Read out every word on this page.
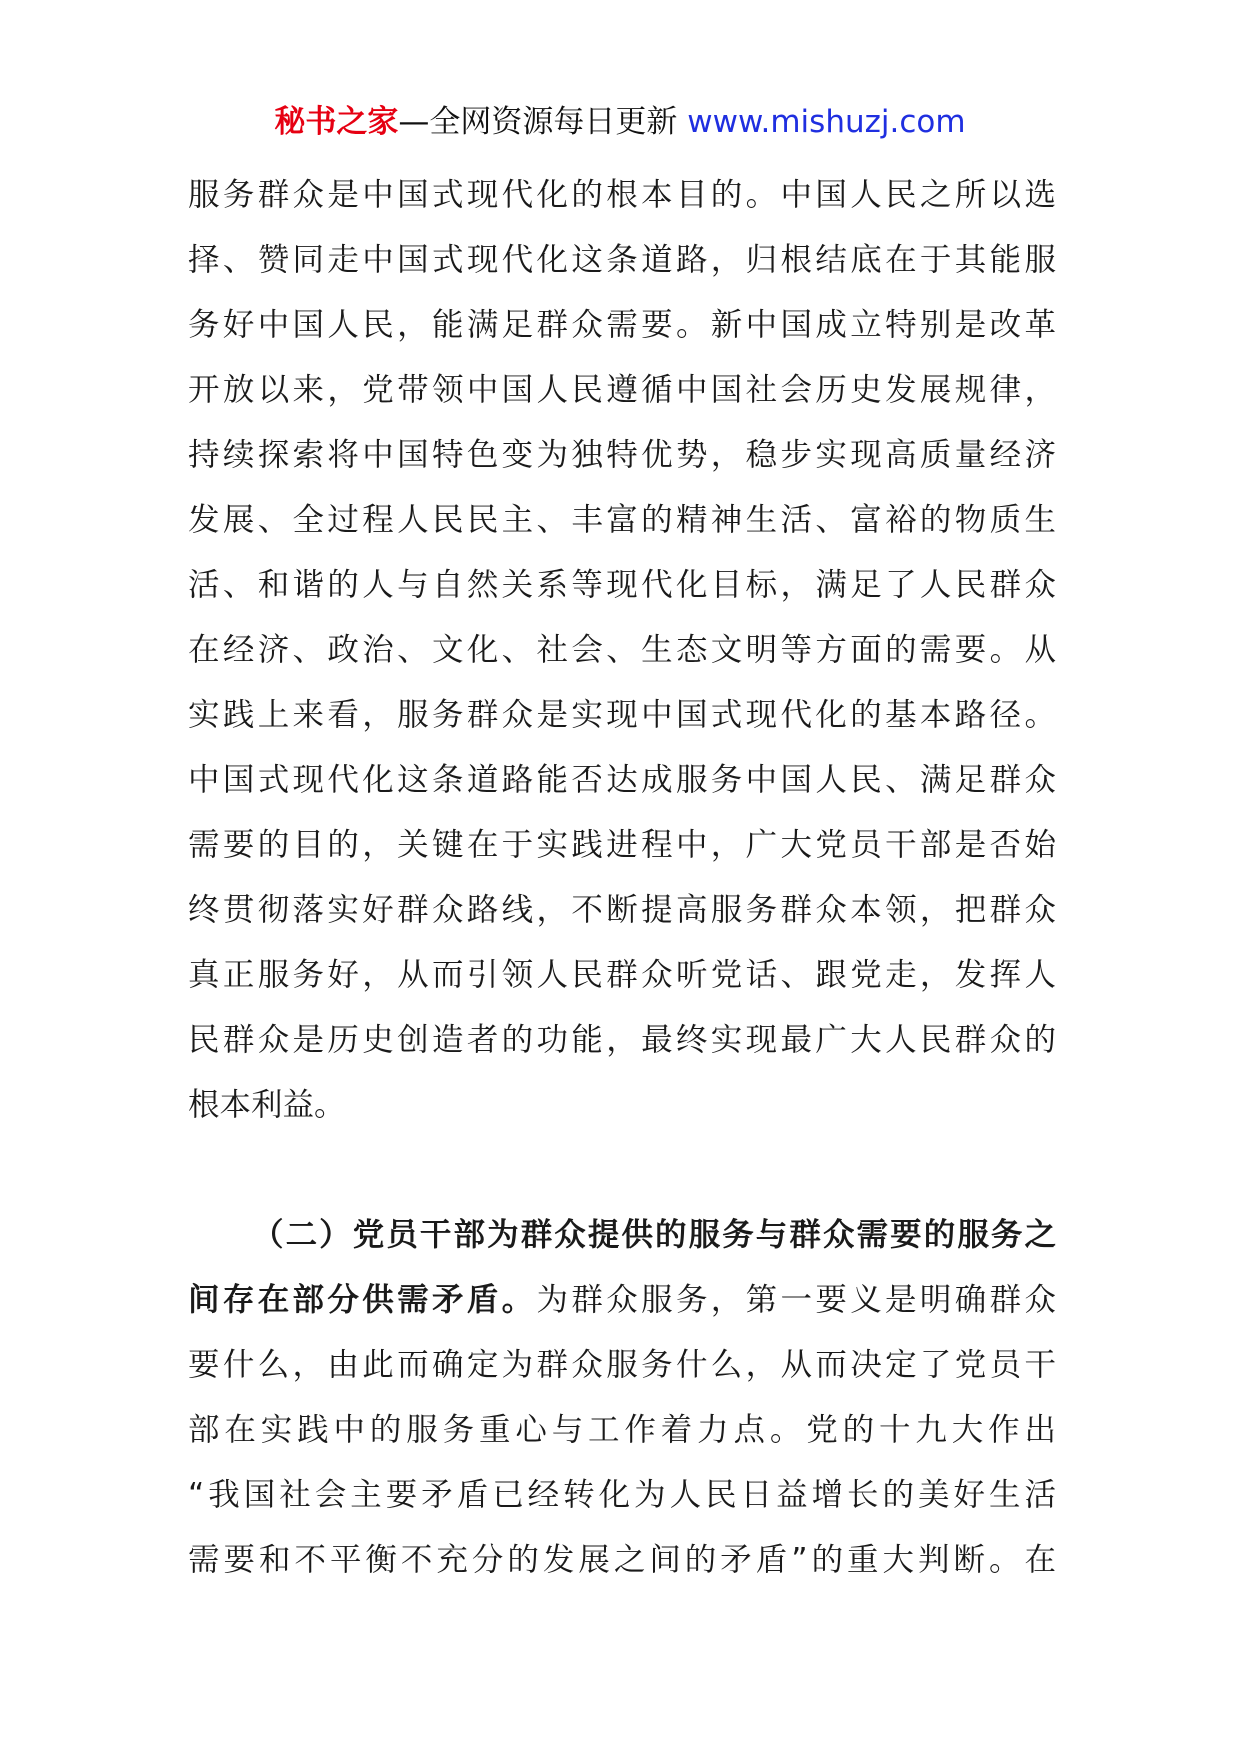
秘书之家—全网资源每日更新 www.mishuzj.com
服务群众是中国式现代化的根本目的。中国人民之所以选
择、赞同走中国式现代化这条道路，归根结底在于其能服
务好中国人民，能满足群众需要。新中国成立特别是改革
开放以来，党带领中国人民遵循中国社会历史发展规律，
持续探索将中国特色变为独特优势，稳步实现高质量经济
发展、全过程人民民主、丰富的精神生活、富裕的物质生
活、和谐的人与自然关系等现代化目标，满足了人民群众
在经济、政治、文化、社会、生态文明等方面的需要。从
实践上来看，服务群众是实现中国式现代化的基本路径。
中国式现代化这条道路能否达成服务中国人民、满足群众
需要的目的，关键在于实践进程中，广大党员干部是否始
终贯彻落实好群众路线，不断提高服务群众本领，把群众
真正服务好，从而引领人民群众听党话、跟党走，发挥人
民群众是历史创造者的功能，最终实现最广大人民群众的
根本利益。
（二）党员干部为群众提供的服务与群众需要的服务之
间存在部分供需矛盾。为群众服务，第一要义是明确群众
要什么，由此而确定为群众服务什么，从而决定了党员干
部在实践中的服务重心与工作着力点。党的十九大作出
“我国社会主要矛盾已经转化为人民日益增长的美好生活
需要和不平衡不充分的发展之间的矛盾”的重大判断。在
